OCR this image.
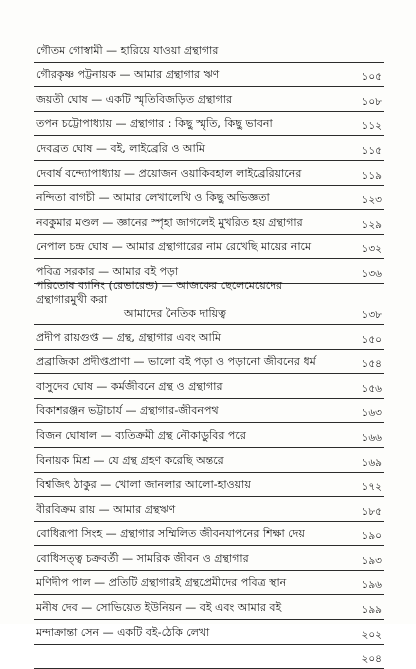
গৌতম গোস্বামী — হারিয়ে যাওয়া গ্রন্থাগার
গৌরকৃষ্ণ পট্টনায়ক — আমার গ্রন্থাগার ঋণ	১০৫
জয়তী ঘোষ — একটি স্মৃতিবিজড়িত গ্রন্থাগার	১০৮
তপন চট্টোপাধ্যায় — গ্রন্থাগার : কিছু স্মৃতি, কিছু ভাবনা	১১২
দেবব্রত ঘোষ — বই, লাইব্রেরি ও আমি	১১৫
দেবার্ষ বন্দ্যোপাধ্যায় — প্রয়োজন ওয়াকিবহাল লাইব্রেরিয়ানের	১১৯
নন্দিতা বাগচী — আমার লেখালেখি ও কিছু অভিজ্ঞতা	১২৩
নবকুমার মণ্ডল — জ্ঞানের স্পৃহা জাগলেই মুখরিত হয় গ্রন্থাগার	১২৯
নেপাল চন্দ্র ঘোষ — আমার গ্রন্থাগারের নাম রেখেছি মায়ের নামে	১৩২
পবিত্র সরকার — আমার বই পড়া	১৩৬
পরিতোষ ব্যানিং (রেভারেন্ড) — আজকের ছেলেমেয়েদের গ্রন্থাগারমুখী করা
আমাদের নৈতিক দায়িত্ব	১৩৮
প্রদীপ রায়গুপ্ত — গ্রন্থ, গ্রন্থাগার এবং আমি	১৫০
প্রব্রাজিকা প্রদীপ্তপ্রাণা — ভালো বই পড়া ও পড়ানো জীবনের ধর্ম	১৫৪
বাসুদেব ঘোষ — কর্মজীবনে গ্রন্থ ও গ্রন্থাগার	১৫৬
বিকাশরঞ্জন ভট্টাচার্য — গ্রন্থাগার-জীবনপথ	১৬৩
বিজন ঘোষাল — ব্যতিক্রমী গ্রন্থ নৌকাডুবির পরে	১৬৬
বিনায়ক মিশ্র — যে গ্রন্থ গ্রহণ করেছি অন্তরে	১৬৯
বিশ্বজিৎ ঠাকুর — খোলা জানলার আলো-হাওয়ায়	১৭২
বীরবিক্রম রায় — আমার গ্রন্থঋণ	১৮৫
বোধিরূপা সিংহ — গ্রন্থাগার সম্মিলিত জীবনযাপনের শিক্ষা দেয়	১৯০
বোধিসত্ত্ব চক্রবর্তী — সামরিক জীবন ও গ্রন্থাগার	১৯৩
মণিদীপ পাল — প্রতিটি গ্রন্থাগারই গ্রন্থপ্রেমীদের পবিত্র স্থান	১৯৬
মনীষ দেব — সোভিয়েত ইউনিয়ন — বই এবং আমার বই	১৯৯
মন্দাক্রান্তা সেন — একটি বই-ঠেকি লেখা	২০২
২০৪
